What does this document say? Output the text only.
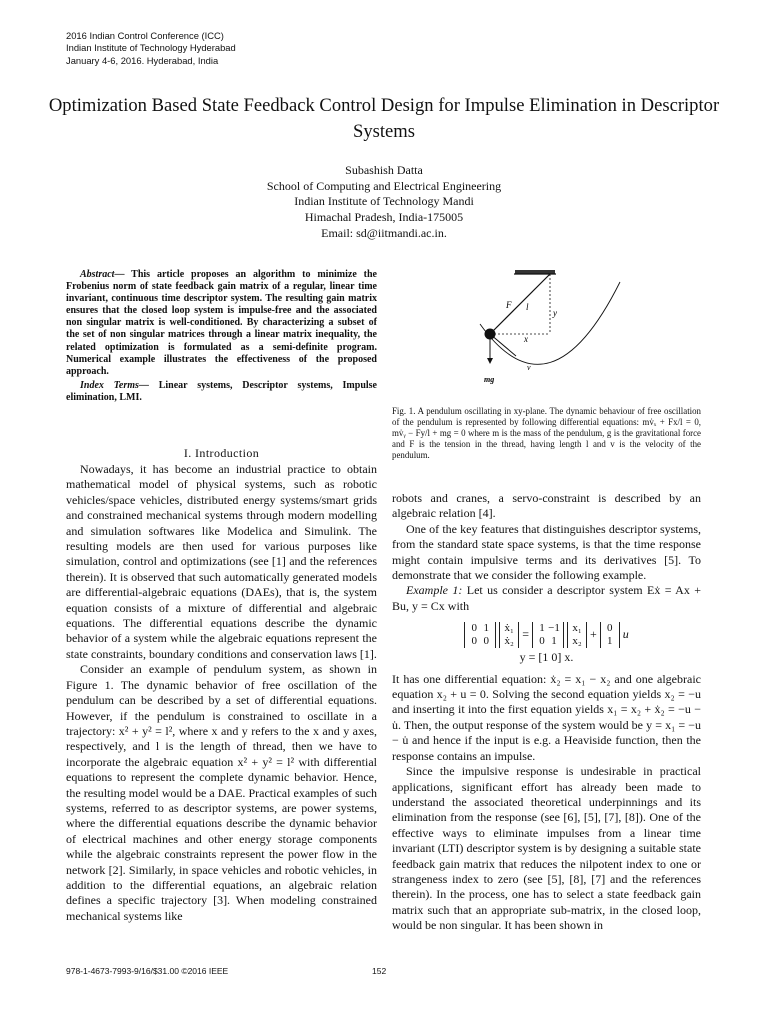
2016 Indian Control Conference (ICC)
Indian Institute of Technology Hyderabad
January 4-6, 2016. Hyderabad, India
Optimization Based State Feedback Control Design for Impulse Elimination in Descriptor Systems
Subashish Datta
School of Computing and Electrical Engineering
Indian Institute of Technology Mandi
Himachal Pradesh, India-175005
Email: sd@iitmandi.ac.in.

Abstract— This article proposes an algorithm to minimize the Frobenius norm of state feedback gain matrix of a regular, linear time invariant, continuous time descriptor system. The resulting gain matrix ensures that the closed loop system is impulse-free and the associated non singular matrix is well-conditioned. By characterizing a subset of the set of non singular matrices through a linear matrix inequality, the related optimization is formulated as a semi-definite program. Numerical example illustrates the effectiveness of the proposed approach.

Index Terms— Linear systems, Descriptor systems, Impulse elimination, LMI.

I. Introduction

Nowadays, it has become an industrial practice to obtain mathematical model of physical systems, such as robotic vehicles/space vehicles, distributed energy systems/smart grids and constrained mechanical systems through modern modelling and simulation softwares like Modelica and Simulink. The resulting models are then used for various purposes like simulation, control and optimizations (see [1] and the references therein). It is observed that such automatically generated models are differential-algebraic equations (DAEs), that is, the system equation consists of a mixture of differential and algebraic equations. The differential equations describe the dynamic behavior of a system while the algebraic equations represent the state constraints, boundary conditions and conservation laws [1].

Consider an example of pendulum system, as shown in Figure 1. The dynamic behavior of free oscillation of the pendulum can be described by a set of differential equations. However, if the pendulum is constrained to oscillate in a trajectory: x² + y² = l², where x and y refers to the x and y axes, respectively, and l is the length of thread, then we have to incorporate the algebraic equation x² + y² = l² with differential equations to represent the complete dynamic behavior. Hence, the resulting model would be a DAE. Practical examples of such systems, referred to as descriptor systems, are power systems, where the differential equations describe the dynamic behavior of electrical machines and other energy storage components while the algebraic constraints represent the power flow in the network [2]. Similarly, in space vehicles and robotic vehicles, in addition to the differential equations, an algebraic relation defines a specific trajectory [3]. When modeling constrained mechanical systems like

F l
y
x
v
mg
Fig. 1. A pendulum oscillating in xy-plane. The dynamic behaviour of free oscillation of the pendulum is represented by following differential equations: mv̇ₓ + Fx/l = 0, mv̇ᵧ − Fy/l + mg = 0 where m is the mass of the pendulum, g is the gravitational force and F is the tension in the thread, having length l and v is the velocity of the pendulum.

robots and cranes, a servo-constraint is described by an algebraic relation [4].

One of the key features that distinguishes descriptor systems, from the standard state space systems, is that the time response might contain impulsive terms and its derivatives [5]. To demonstrate that we consider the following example.

Example 1: Let us consider a descriptor system Eẋ = Ax + Bu, y = Cx with

0 1
0 0 ẋ₁
ẋ₂ = 1 −1
0 1 x₁
x₂ + 0
1 u
y = [1 0] x.

It has one differential equation: ẋ₂ = x₁ − x₂ and one algebraic equation x₂ + u = 0. Solving the second equation yields x₂ = −u and inserting it into the first equation yields x₁ = x₂ + ẋ₂ = −u − u̇. Then, the output response of the system would be y = x₁ = −u − u̇ and hence if the input is e.g. a Heaviside function, then the response contains an impulse.

Since the impulsive response is undesirable in practical applications, significant effort has already been made to understand the associated theoretical underpinnings and its elimination from the response (see [6], [5], [7], [8]). One of the effective ways to eliminate impulses from a linear time invariant (LTI) descriptor system is by designing a suitable state feedback gain matrix that reduces the nilpotent index to one or strangeness index to zero (see [5], [8], [7] and the references therein). In the process, one has to select a state feedback gain matrix such that an appropriate sub-matrix, in the closed loop, would be non singular. It has been shown in

978-1-4673-7993-9/16/$31.00 ©2016 IEEE	152
